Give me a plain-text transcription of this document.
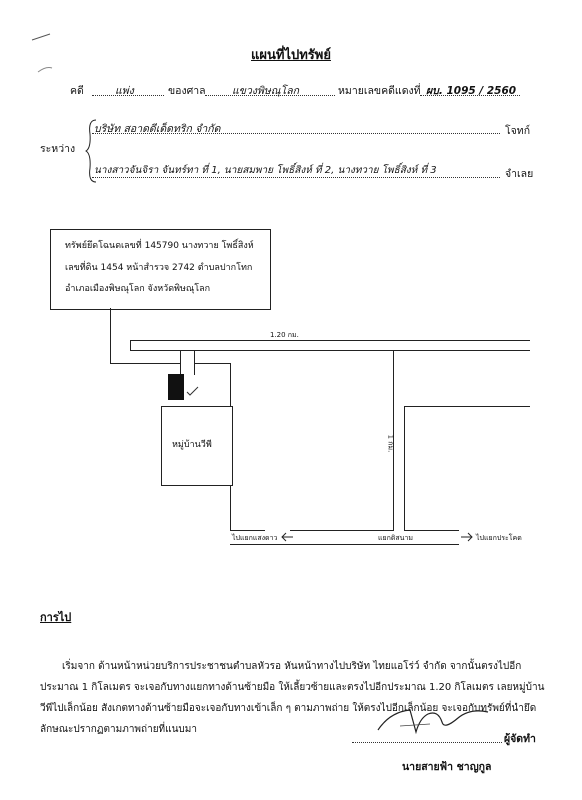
แผนที่ไปทรัพย์
คดี	แพ่ง	ของศาล	แขวงพิษณุโลก	หมายเลขคดีแดงที่ ผบ. 1095 / 2560
ระหว่าง
บริษัท สอาดดีเด็ดทริก จำกัด	โจทก์
นางสาวจันจิรา จันทร์ทา ที่ 1, นายสมพาย โพธิ์สิงห์ ที่ 2, นางทวาย โพธิ์สิงห์ ที่ 3	จำเลย
ทรัพย์ยึดโฉนดเลขที่ 145790 นางทวาย โพธิ์สิงห์
เลขที่ดิน 1454 หน้าสำรวจ 2742 ตำบลปากโทก
อำเภอเมืองพิษณุโลก จังหวัดพิษณุโลก
1.20 กม.
1 กม.
หมู่บ้านวีพี
ไปแยกแสงดาว	แยกดิสนาม	ไปแยกประโคด
การไป
เริ่มจาก ด้านหน้าหน่วยบริการประชาชนตำบลหัวรอ หันหน้าทางไปบริษัท ไทยแอโร่ว์ จำกัด จากนั้นตรงไปอีกประมาณ 1 กิโลเมตร จะเจอกับทางแยกทางด้านซ้ายมือ ให้เลี้ยวซ้ายและตรงไปอีกประมาณ 1.20 กิโลเมตร เลยหมู่บ้านวีพีไปเล็กน้อย สังเกตทางด้านซ้ายมือจะเจอกับทางเข้าเล็ก ๆ ตามภาพถ่าย ให้ตรงไปอีกเล็กน้อย จะเจอกับทรัพย์ที่นำยึดลักษณะปรากฏตามภาพถ่ายที่แนบมา
ผู้จัดทำ
นายสายฟ้า ชาญกูล
